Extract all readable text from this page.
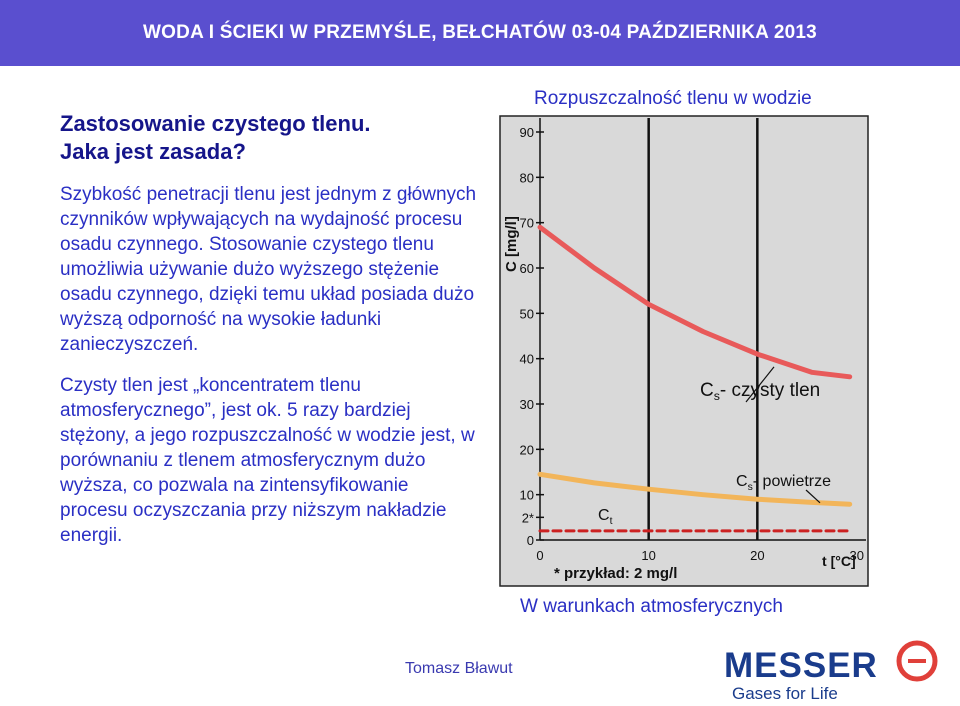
WODA I ŚCIEKI W PRZEMYŚLE, BEŁCHATÓW 03-04 PAŹDZIERNIKA 2013
Zastosowanie czystego tlenu.
Jaka jest zasada?
Szybkość penetracji tlenu jest jednym z głównych czynników wpływających na wydajność procesu osadu czynnego. Stosowanie czystego tlenu umożliwia używanie dużo wyższego stężenie osadu czynnego, dzięki temu układ posiada dużo wyższą odporność na wysokie ładunki zanieczyszczeń.
Czysty tlen jest „koncentratem tlenu atmosferycznego”, jest ok. 5 razy bardziej stężony, a jego rozpuszczalność w wodzie jest, w porównaniu z tlenem atmosferycznym dużo wyższa, co pozwala na zintensyfikowanie procesu oczyszczania przy niższym nakładzie energii.
Rozpuszczalność tlenu w wodzie
0
2*
10
20
30
40
50
60
70
80
90
0	10	20	30
t [°C]
$C_s-$ czysty tlen
$C_s-$ powietrze
$C_t$
* przykład: 2 mg/l
C [mg/l]
W warunkach atmosferycznych
Tomasz Bławut	MESSER
Gases for Life
